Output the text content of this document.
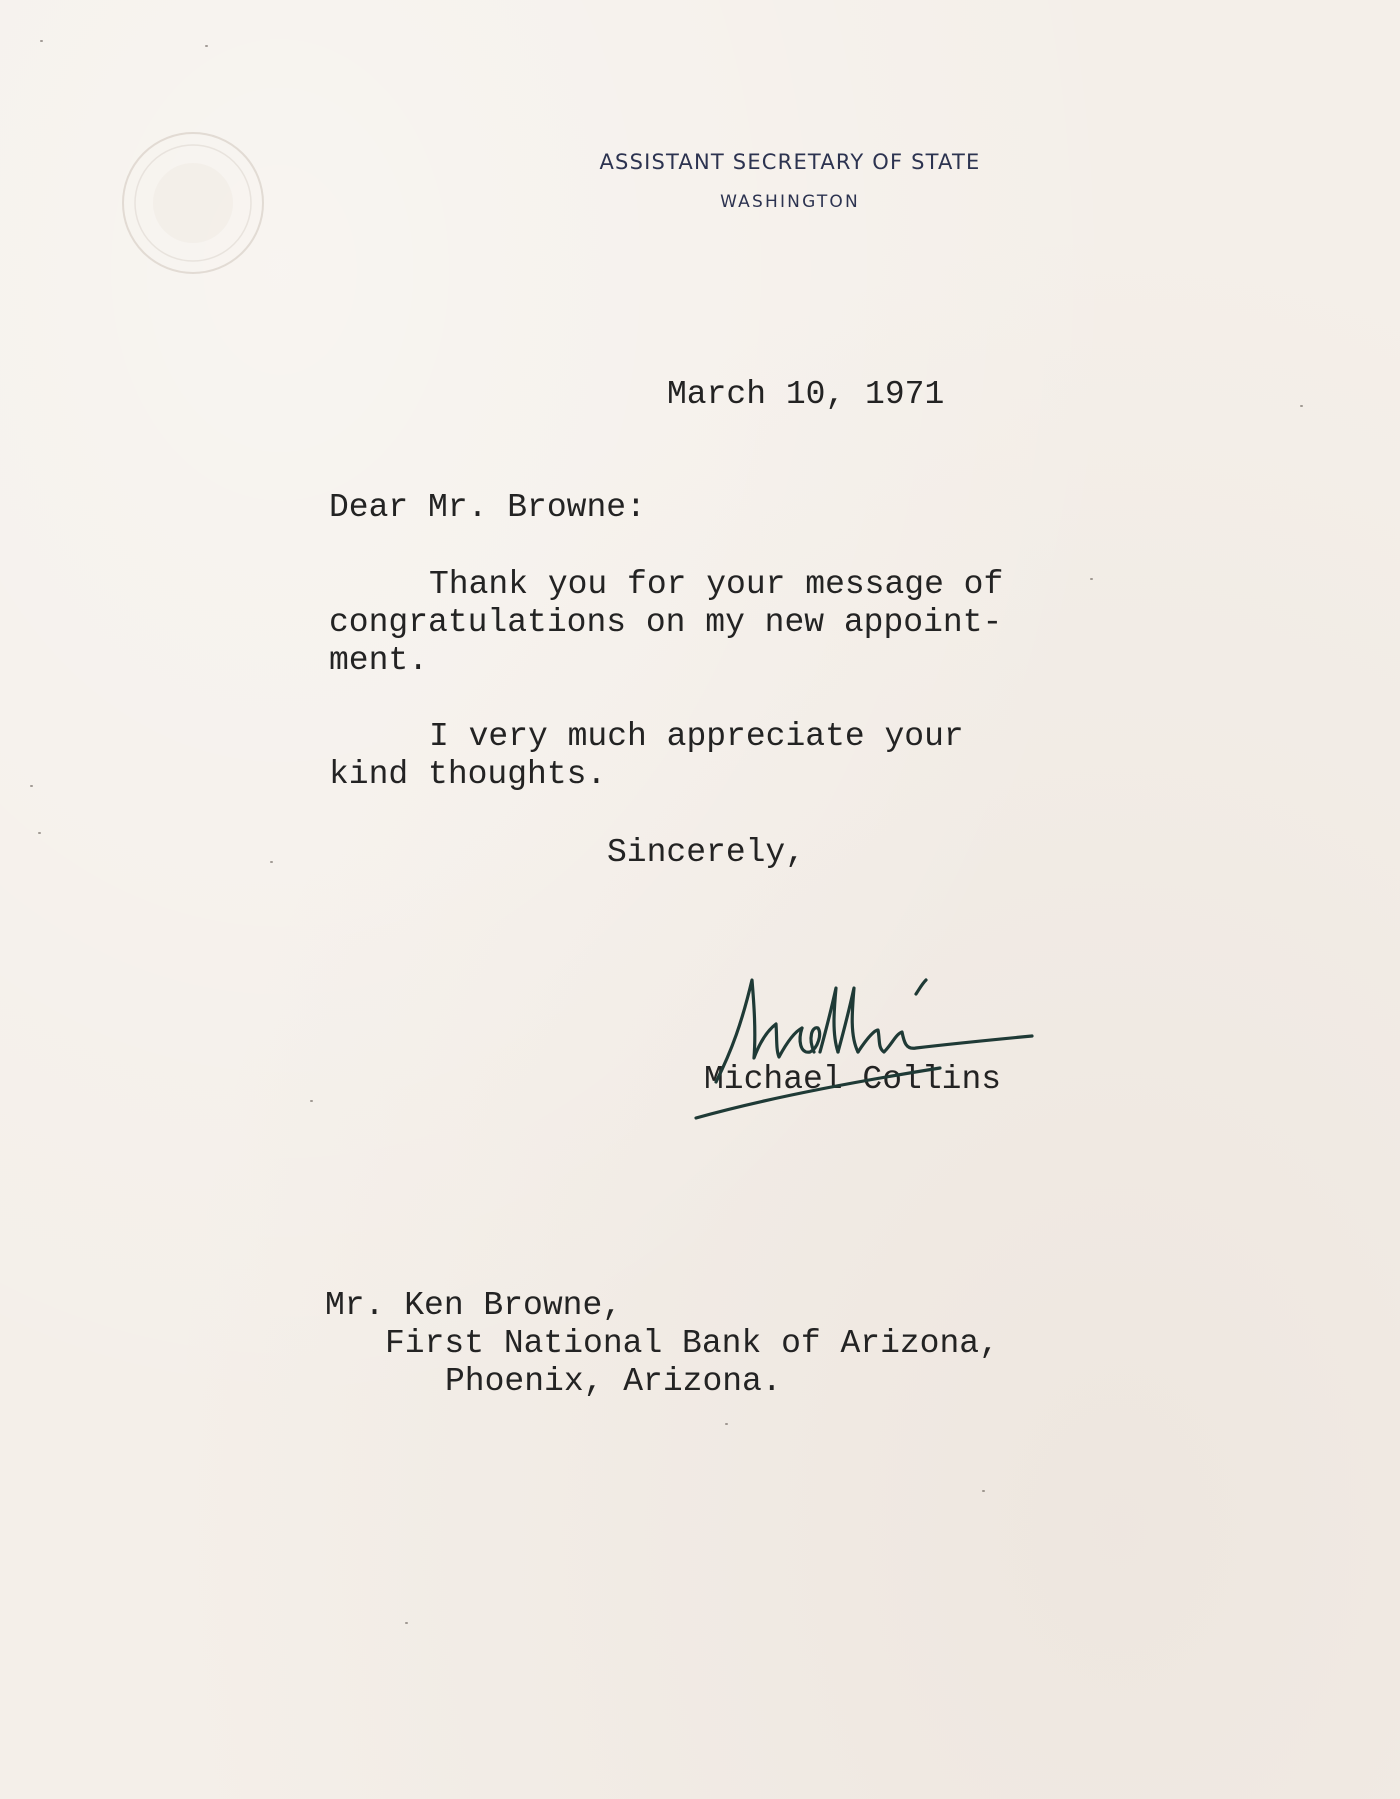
ASSISTANT SECRETARY OF STATE

WASHINGTON

March 10, 1971

Dear Mr. Browne:

Thank you for your message of

congratulations on my new appoint-

ment.

I very much appreciate your

kind thoughts.

Sincerely,

Michael Collins

Mr. Ken Browne,

First National Bank of Arizona,

Phoenix, Arizona.
